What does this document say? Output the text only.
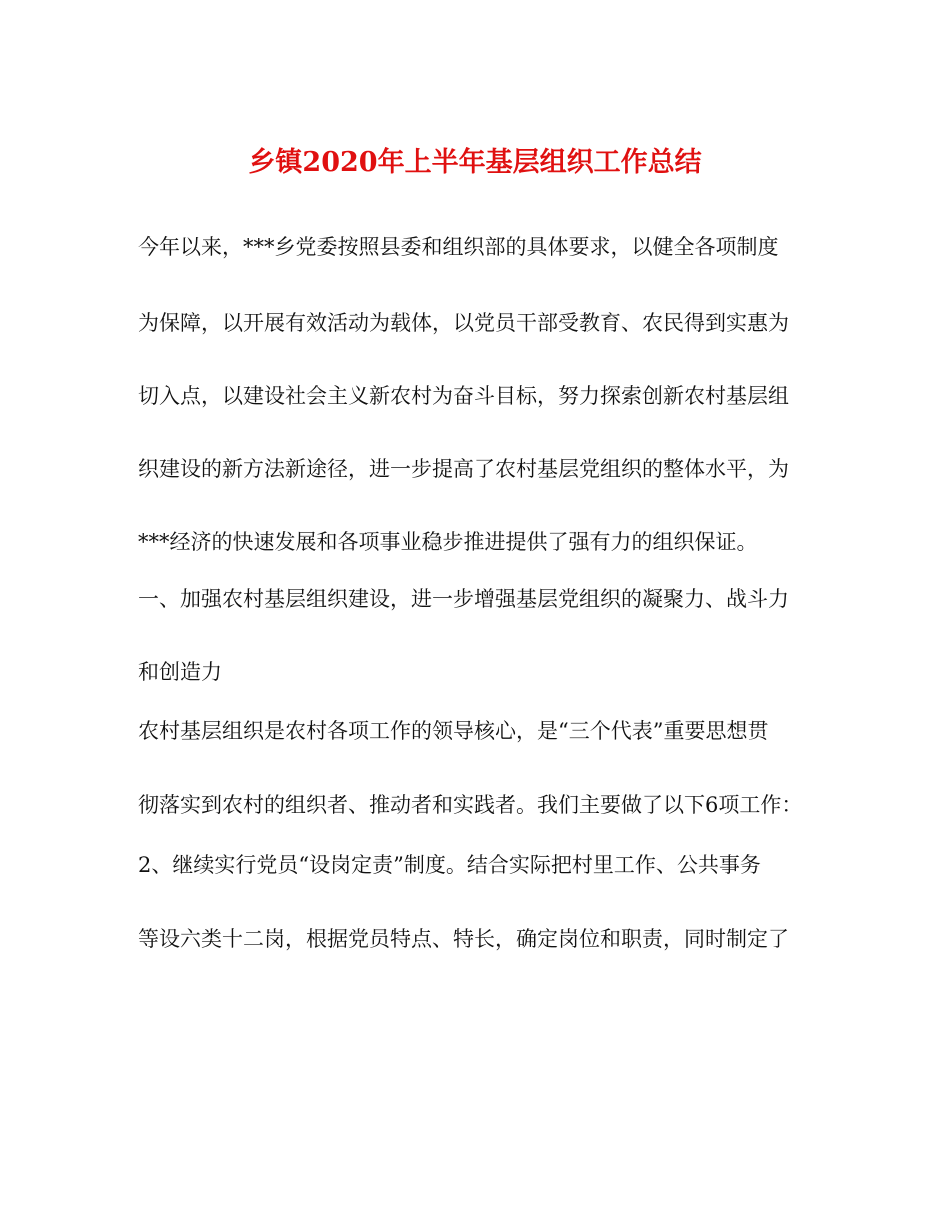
乡镇2020年上半年基层组织工作总结
今年以来，***乡党委按照县委和组织部的具体要求，以健全各项制度
为保障，以开展有效活动为载体，以党员干部受教育、农民得到实惠为
切入点，以建设社会主义新农村为奋斗目标，努力探索创新农村基层组
织建设的新方法新途径，进一步提高了农村基层党组织的整体水平，为
***经济的快速发展和各项事业稳步推进提供了强有力的组织保证。
一、加强农村基层组织建设，进一步增强基层党组织的凝聚力、战斗力
和创造力
农村基层组织是农村各项工作的领导核心，是“三个代表”重要思想贯
彻落实到农村的组织者、推动者和实践者。我们主要做了以下6项工作：
2、继续实行党员“设岗定责”制度。结合实际把村里工作、公共事务
等设六类十二岗，根据党员特点、特长，确定岗位和职责，同时制定了
